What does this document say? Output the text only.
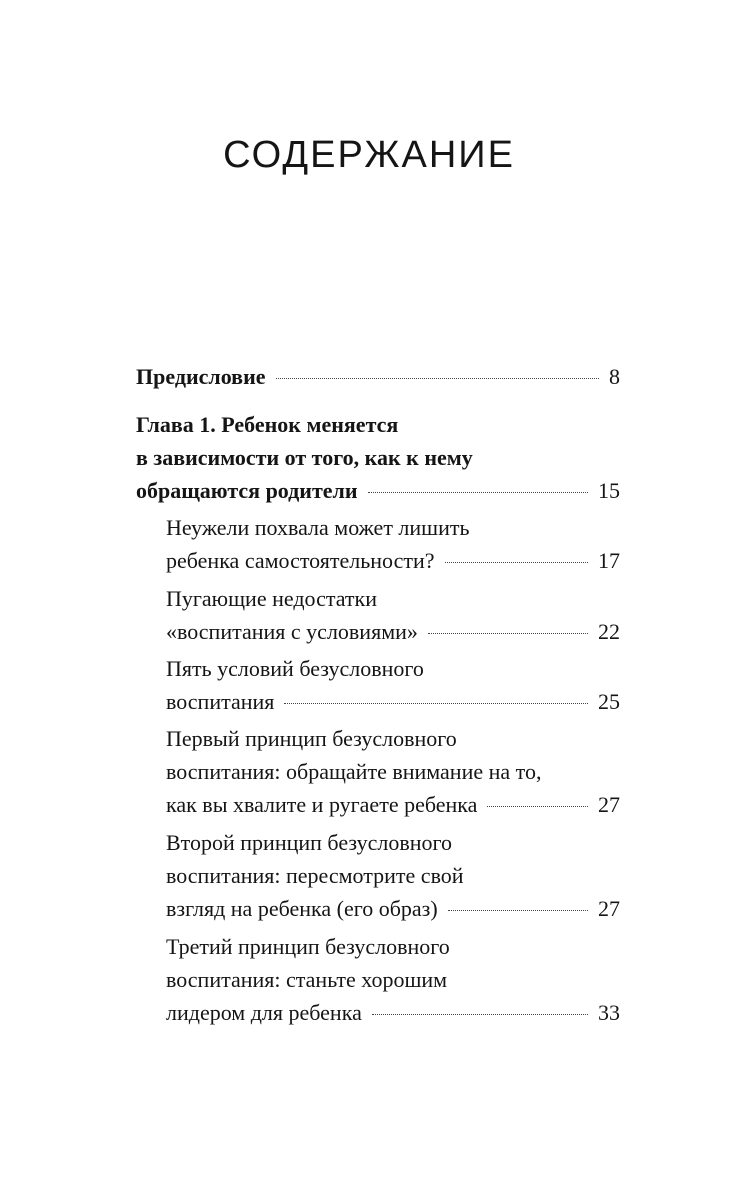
СОДЕРЖАНИЕ
Предисловие	8
Глава 1. Ребенок меняется
в зависимости от того, как к нему
обращаются родители	15
Неужели похвала может лишить
ребенка самостоятельности?	17
Пугающие недостатки
«воспитания с условиями»	22
Пять условий безусловного
воспитания	25
Первый принцип безусловного
воспитания: обращайте внимание на то,
как вы хвалите и ругаете ребенка	27
Второй принцип безусловного
воспитания: пересмотрите свой
взгляд на ребенка (его образ)	27
Третий принцип безусловного
воспитания: станьте хорошим
лидером для ребенка	33
